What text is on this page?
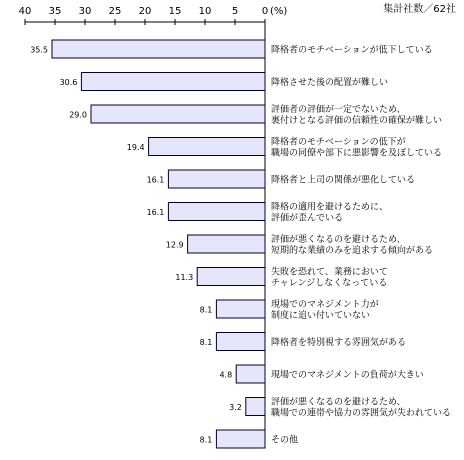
集計社数／62社
40 35 30 25 20 15 10 5 0 (%)
35.5	降格者のモチベーションが低下している
30.6	降格させた後の配置が難しい
29.0	評価者の評価が一定でないため、
裏付けとなる評価の信頼性の確保が難しい
19.4	降格者のモチベーションの低下が
職場の同僚や部下に悪影響を及ぼしている
16.1	降格者と上司の関係が悪化している
16.1	降格の適用を避けるために、
評価が歪んでいる
12.9	評価が悪くなるのを避けるため、
短期的な業績のみを追求する傾向がある
11.3	失敗を恐れて、業務において
チャレンジしなくなっている
8.1	現場でのマネジメント力が
制度に追い付いていない
8.1	降格者を特別視する雰囲気がある
4.8	現場でのマネジメントの負荷が大きい
3.2	評価が悪くなるのを避けるため、
職場での連帯や協力の雰囲気が失われている
8.1	その他
